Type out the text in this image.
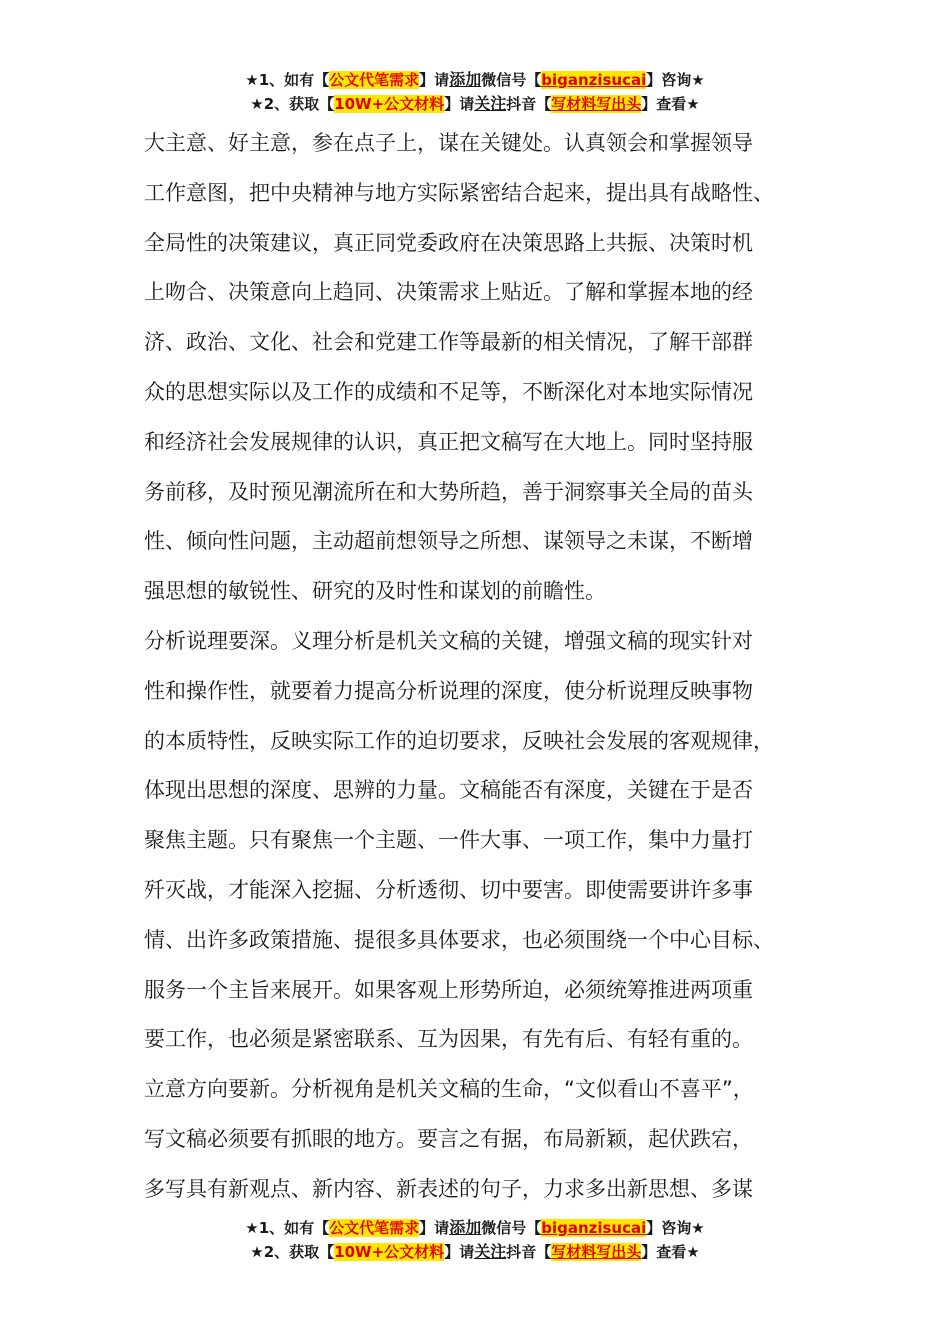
★1、如有【公文代笔需求】请添加微信号【biganzisucai】咨询★
★2、获取【10W+公文材料】请关注抖音【写材料写出头】查看★
大主意、好主意，参在点子上，谋在关键处。认真领会和掌握领导
工作意图，把中央精神与地方实际紧密结合起来，提出具有战略性、
全局性的决策建议，真正同党委政府在决策思路上共振、决策时机
上吻合、决策意向上趋同、决策需求上贴近。了解和掌握本地的经
济、政治、文化、社会和党建工作等最新的相关情况，了解干部群
众的思想实际以及工作的成绩和不足等，不断深化对本地实际情况
和经济社会发展规律的认识，真正把文稿写在大地上。同时坚持服
务前移，及时预见潮流所在和大势所趋，善于洞察事关全局的苗头
性、倾向性问题，主动超前想领导之所想、谋领导之未谋，不断增
强思想的敏锐性、研究的及时性和谋划的前瞻性。
分析说理要深。义理分析是机关文稿的关键，增强文稿的现实针对
性和操作性，就要着力提高分析说理的深度，使分析说理反映事物
的本质特性，反映实际工作的迫切要求，反映社会发展的客观规律，
体现出思想的深度、思辨的力量。文稿能否有深度，关键在于是否
聚焦主题。只有聚焦一个主题、一件大事、一项工作，集中力量打
歼灭战，才能深入挖掘、分析透彻、切中要害。即使需要讲许多事
情、出许多政策措施、提很多具体要求，也必须围绕一个中心目标、
服务一个主旨来展开。如果客观上形势所迫，必须统筹推进两项重
要工作，也必须是紧密联系、互为因果，有先有后、有轻有重的。
立意方向要新。分析视角是机关文稿的生命，“文似看山不喜平”，
写文稿必须要有抓眼的地方。要言之有据，布局新颖，起伏跌宕，
多写具有新观点、新内容、新表述的句子，力求多出新思想、多谋
★1、如有【公文代笔需求】请添加微信号【biganzisucai】咨询★
★2、获取【10W+公文材料】请关注抖音【写材料写出头】查看★
